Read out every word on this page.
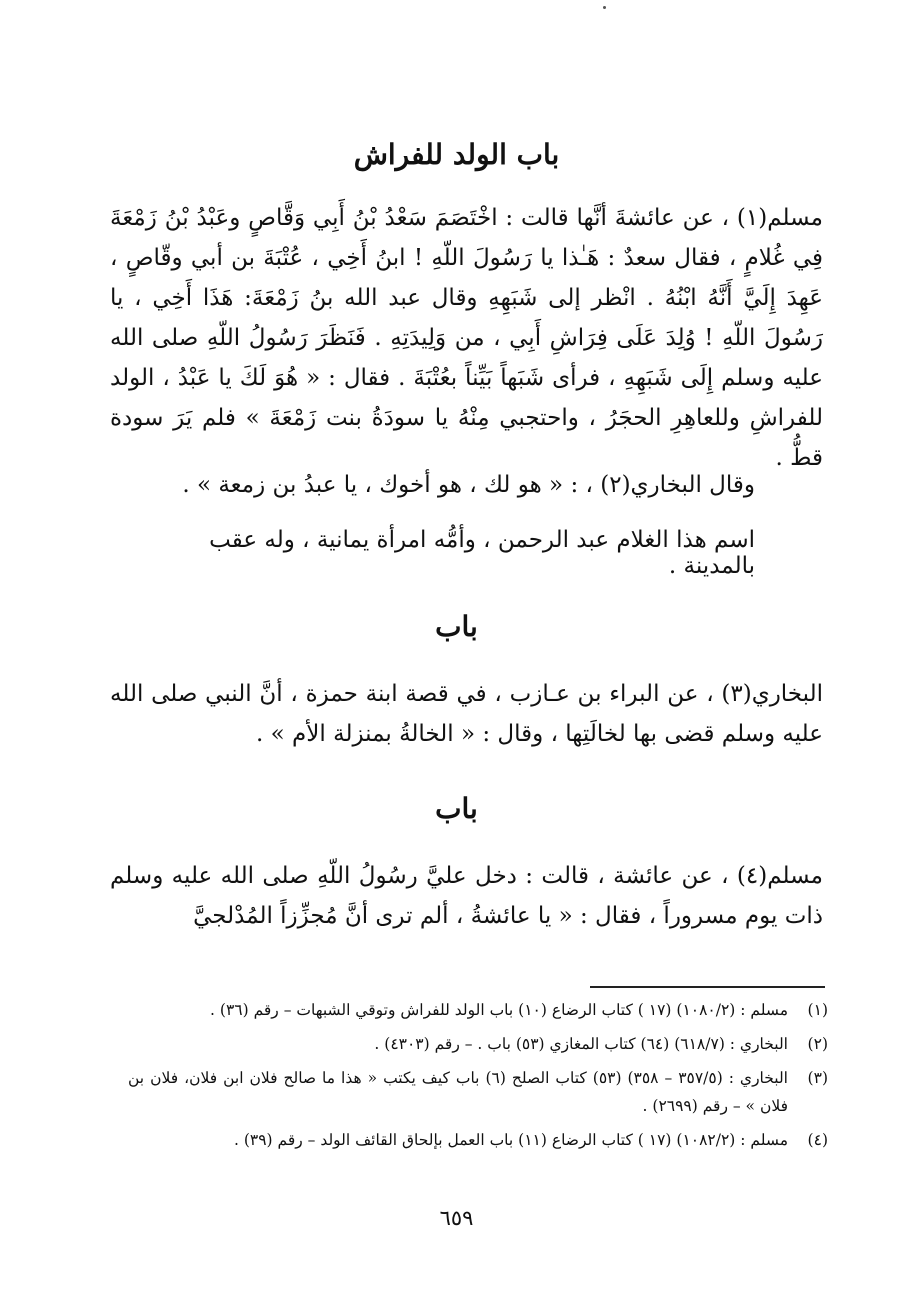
باب الولد للفراش
مسلم(١) ، عن عائشةَ أنَّها قالت : اخْتَصَمَ سَعْدُ بْنُ أَبِي وَقَّاصٍ وعَبْدُ بْنُ زَمْعَةَ فِي غُلامٍ ، فقال سعدٌ : هَـٰذا يا رَسُولَ اللّهِ ! ابنُ أَخِي ، عُتْبَةَ بن أبي وقّاصٍ ، عَهِدَ إِلَيَّ أَنَّهُ ابْنُهُ . انْظر إلى شَبَهِهِ وقال عبد الله بنُ زَمْعَةَ: هَذَا أَخِي ، يا رَسُولَ اللّهِ ! وُلِدَ عَلَى فِرَاشِ أَبِي ، من وَلِيدَتِهِ . فَنَظَرَ رَسُولُ اللّهِ صلى الله عليه وسلم إِلَى شَبَهِهِ ، فرأى شَبَهاً بَيِّناً بعُتْبَةَ . فقال : « هُوَ لَكَ يا عَبْدُ ، الولد للفراشِ وللعاهِرِ الحجَرُ ، واحتجبي مِنْهُ يا سودَةُ بنت زَمْعَةَ » فلم يَرَ سودة قطُّ .
وقال البخاري(٢) ، : « هو لك ، هو أخوك ، يا عبدُ بن زمعة » .
اسم هذا الغلام عبد الرحمن ، وأمُّه امرأة يمانية ، وله عقب بالمدينة .
باب
البخاري(٣) ، عن البراء بن عـازب ، في قصة ابنة حمزة ، أنَّ النبي صلى الله عليه وسلم قضى بها لخالَتِها ، وقال : « الخالةُ بمنزلة الأم » .
باب
مسلم(٤) ، عن عائشة ، قالت : دخل عليَّ رسُولُ اللّهِ صلى الله عليه وسلم ذات يوم مسروراً ، فقال : « يا عائشةُ ، ألم ترى أنَّ مُجزِّزاً المُدْلجيَّ
(١)
مسلم : (١٠٨٠/٢) (١٧ ) كتاب الرضاع (١٠) باب الولد للفراش وتوقي الشبهات – رقم (٣٦) .
(٢)
البخاري : (٦١٨/٧) (٦٤) كتاب المغازي (٥٣) باب . – رقم (٤٣٠٣) .
(٣)
البخاري : (٣٥٧/٥ – ٣٥٨) (٥٣) كتاب الصلح (٦) باب كيف يكتب « هذا ما صالح فلان ابن فلان، فلان بن فلان » – رقم (٢٦٩٩) .
(٤)
مسلم : (١٠٨٢/٢) (١٧ ) كتاب الرضاع (١١) باب العمل بإلحاق القائف الولد – رقم (٣٩) .
٦٥٩
